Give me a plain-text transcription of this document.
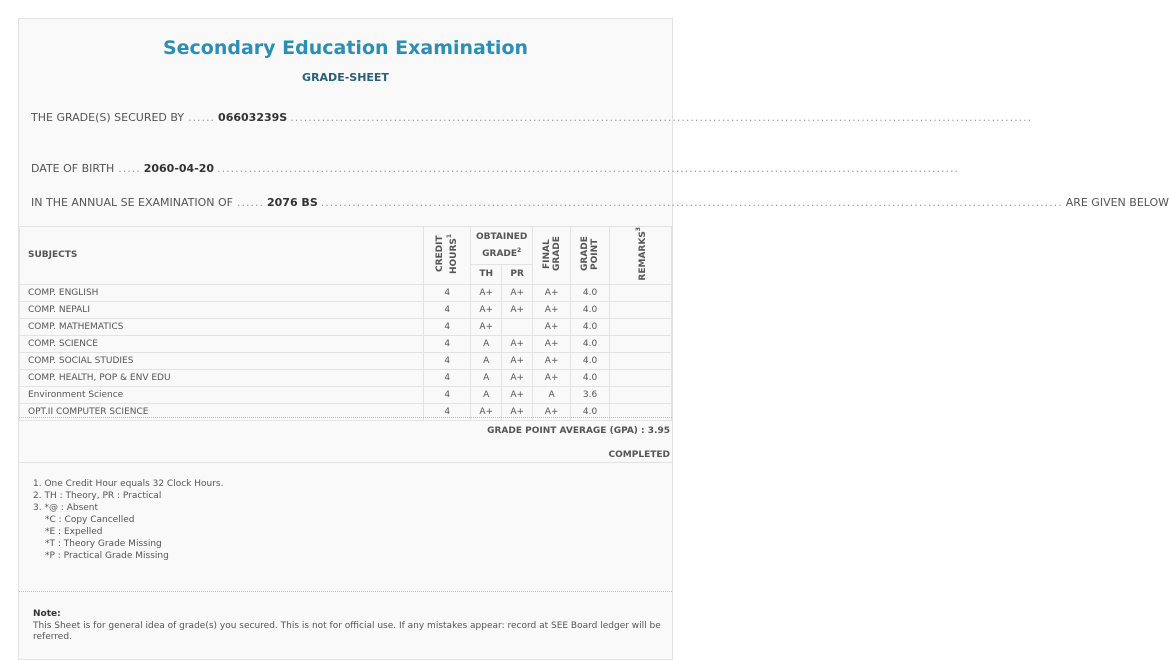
Secondary Education Examination
GRADE-SHEET
THE GRADE(S) SECURED BY ...... 06603239S .....................................................................................................................................................................
DATE OF BIRTH ..... 2060-04-20 .....................................................................................................................................................................
IN THE ANNUAL SE EXAMINATION OF ...... 2076 BS ..................................................................................................................................................................... ARE GIVEN BELOW
SUBJECTS	CREDIT HOURS$^1$	OBTAINED GRADE$^2$		FINAL GRADE	GRADE POINT	REMARKS$^3$
		TH	PR			
COMP. ENGLISH	4	A+	A+	A+	4.0	
COMP. NEPALI	4	A+	A+	A+	4.0	
COMP. MATHEMATICS	4	A+		A+	4.0	
COMP. SCIENCE	4	A	A+	A+	4.0	
COMP. SOCIAL STUDIES	4	A	A+	A+	4.0	
COMP. HEALTH, POP & ENV EDU	4	A	A+	A+	4.0	
Environment Science	4	A	A+	A	3.6	
OPT.II COMPUTER SCIENCE	4	A+	A+	A+	4.0	
GRADE POINT AVERAGE (GPA) : 3.95
COMPLETED
1. One Credit Hour equals 32 Clock Hours.
2. TH : Theory, PR : Practical
3. *@ : Absent
*C : Copy Cancelled
*E : Expelled
*T : Theory Grade Missing
*P : Practical Grade Missing
Note:
This Sheet is for general idea of grade(s) you secured. This is not for official use. If any mistakes appear: record at SEE Board ledger will be referred.
